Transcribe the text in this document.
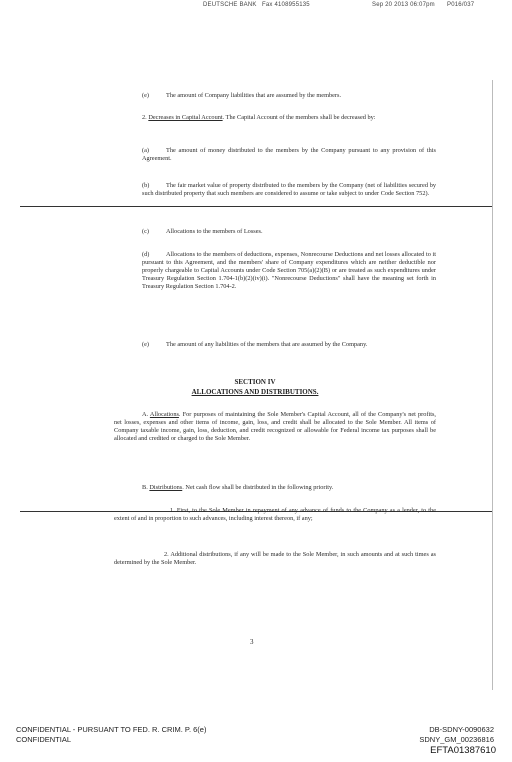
DEUTSCHE BANK Fax 4108955135	Sep 20 2013 06:07pm P016/037
(e)	The amount of Company liabilities that are assumed by the members.
2. Decreases in Capital Account. The Capital Account of the members shall be decreased by:
(a)	The amount of money distributed to the members by the Company pursuant to any provision of this Agreement.
(b)	The fair market value of property distributed to the members by the Company (net of liabilities secured by such distributed property that such members are considered to assume or take subject to under Code Section 752).
(c)	Allocations to the members of Losses.
(d)	Allocations to the members of deductions, expenses, Nonrecourse Deductions and net losses allocated to it pursuant to this Agreement, and the members' share of Company expenditures which are neither deductible nor properly chargeable to Capital Accounts under Code Section 705(a)(2)(B) or are treated as such expenditures under Treasury Regulation Section 1.704-1(b)(2)(iv)(i). "Nonrecourse Deductions" shall have the meaning set forth in Treasury Regulation Section 1.704-2.
(e)	The amount of any liabilities of the members that are assumed by the Company.
SECTION IV
ALLOCATIONS AND DISTRIBUTIONS.
A. Allocations. For purposes of maintaining the Sole Member's Capital Account, all of the Company's net profits, net losses, expenses and other items of income, gain, loss, and credit shall be allocated to the Sole Member. All items of Company taxable income, gain, loss, deduction, and credit recognized or allowable for Federal income tax purposes shall be allocated and credited or charged to the Sole Member.
B. Distributions. Net cash flow shall be distributed in the following priority.
1. First, to the Sole Member in repayment of any advance of funds to the Company as a lender, to the extent of and in proportion to such advances, including interest thereon, if any;
2. Additional distributions, if any will be made to the Sole Member, in such amounts and at such times as determined by the Sole Member.
3
CONFIDENTIAL - PURSUANT TO FED. R. CRIM. P. 6(e)
CONFIDENTIAL
DB-SDNY-0090632
SDNY_GM_00236816
EFTA01387610
